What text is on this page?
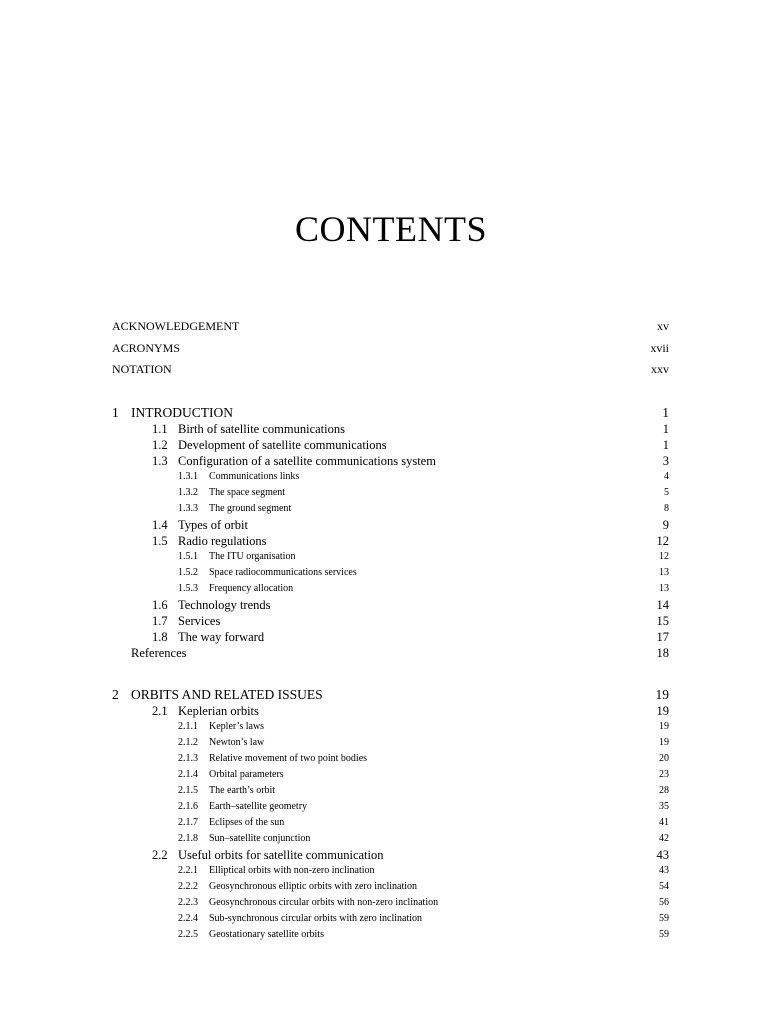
CONTENTS
ACKNOWLEDGEMENT	xv
ACRONYMS	xvii
NOTATION	xxv
1 INTRODUCTION	1
1.1 Birth of satellite communications	1
1.2 Development of satellite communications	1
1.3 Configuration of a satellite communications system	3
1.3.1 Communications links	4
1.3.2 The space segment	5
1.3.3 The ground segment	8
1.4 Types of orbit	9
1.5 Radio regulations	12
1.5.1 The ITU organisation	12
1.5.2 Space radiocommunications services	13
1.5.3 Frequency allocation	13
1.6 Technology trends	14
1.7 Services	15
1.8 The way forward	17
References	18
2 ORBITS AND RELATED ISSUES	19
2.1 Keplerian orbits	19
2.1.1 Kepler’s laws	19
2.1.2 Newton’s law	19
2.1.3 Relative movement of two point bodies	20
2.1.4 Orbital parameters	23
2.1.5 The earth’s orbit	28
2.1.6 Earth–satellite geometry	35
2.1.7 Eclipses of the sun	41
2.1.8 Sun–satellite conjunction	42
2.2 Useful orbits for satellite communication	43
2.2.1 Elliptical orbits with non-zero inclination	43
2.2.2 Geosynchronous elliptic orbits with zero inclination	54
2.2.3 Geosynchronous circular orbits with non-zero inclination	56
2.2.4 Sub-synchronous circular orbits with zero inclination	59
2.2.5 Geostationary satellite orbits	59
